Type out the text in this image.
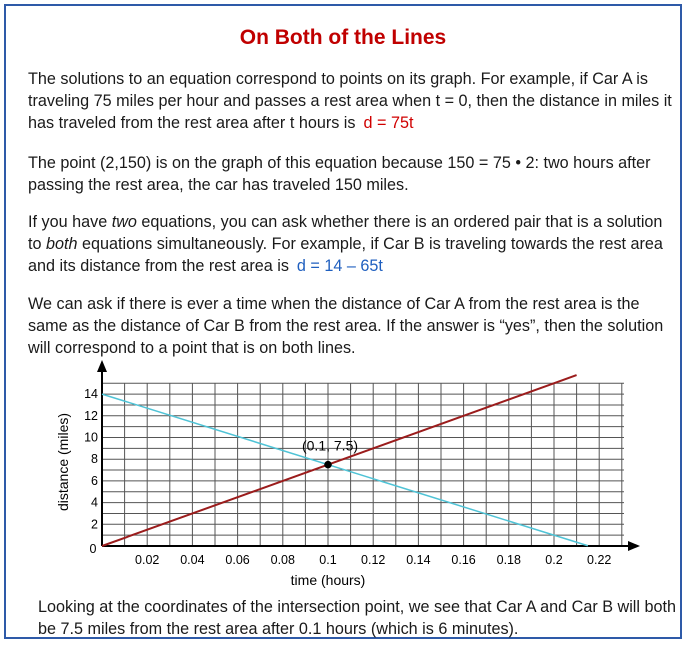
On Both of the Lines
The solutions to an equation correspond to points on its graph. For example, if Car A is traveling 75 miles per hour and passes a rest area when t = 0, then the distance in miles it has traveled from the rest area after t hours is d = 75t
The point (2,150) is on the graph of this equation because 150 = 75 • 2: two hours after passing the rest area, the car has traveled 150 miles.
If you have two equations, you can ask whether there is an ordered pair that is a solution to both equations simultaneously. For example, if Car B is traveling towards the rest area and its distance from the rest area is d = 14 – 65t
We can ask if there is ever a time when the distance of Car A from the rest area is the same as the distance of Car B from the rest area. If the answer is “yes”, then the solution will correspond to a point that is on both lines.
0.02 0.04 0.06 0.08 0.1 0.12 0.14 0.16 0.18 0.2 0.22
2
4
6
8
10
12
14
0
(0.1, 7.5)
time (hours)
distance (miles)
Looking at the coordinates of the intersection point, we see that Car A and Car B will both be 7.5 miles from the rest area after 0.1 hours (which is 6 minutes).
